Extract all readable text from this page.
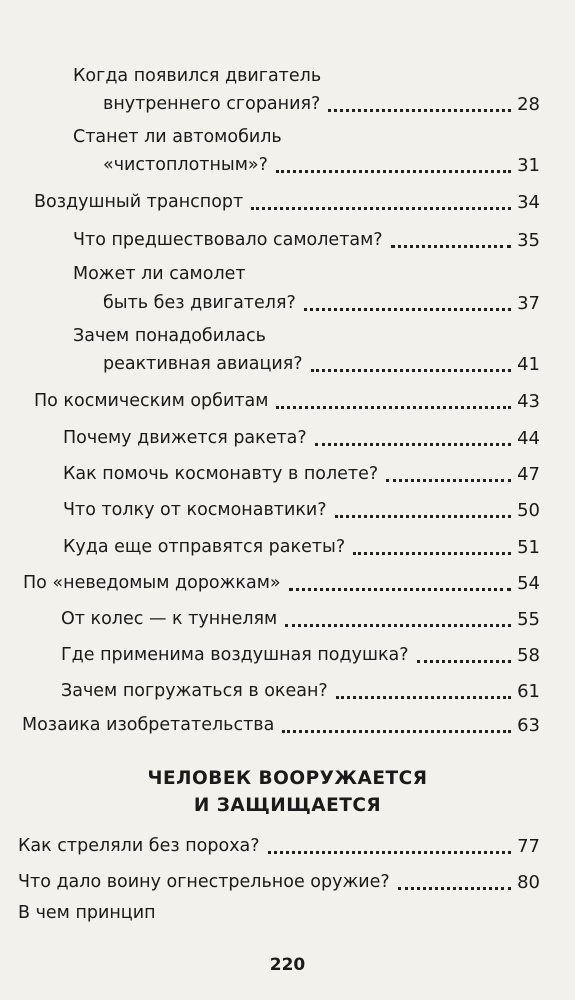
Когда появился двигатель
внутреннего сгорания?	28
Станет ли автомобиль
«чистоплотным»?	31
Воздушный транспорт	34
Что предшествовало самолетам?	35
Может ли самолет
быть без двигателя?	37
Зачем понадобилась
реактивная авиация?	41
По космическим орбитам	43
Почему движется ракета?	44
Как помочь космонавту в полете?	47
Что толку от космонавтики?	50
Куда еще отправятся ракеты?	51
По «неведомым дорожкам»	54
От колес — к туннелям	55
Где применима воздушная подушка?	58
Зачем погружаться в океан?	61
Мозаика изобретательства	63
ЧЕЛОВЕК ВООРУЖАЕТСЯ
И ЗАЩИЩАЕТСЯ
Как стреляли без пороха?	77
Что дало воину огнестрельное оружие?	80
В чем принцип
220
